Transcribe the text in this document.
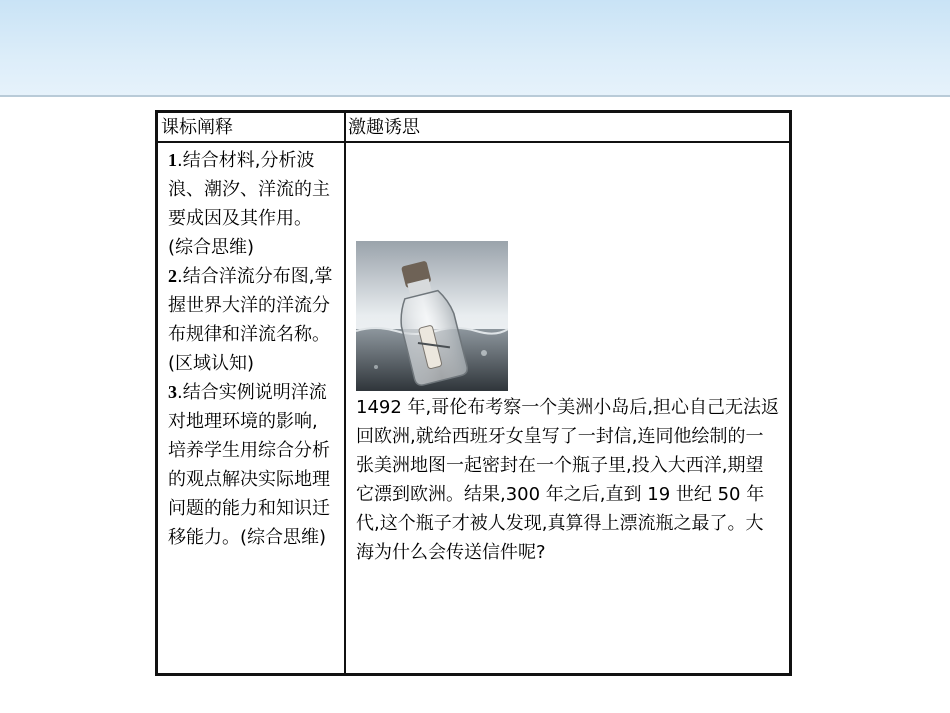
课标阐释	激趣诱思

1.结合材料,分析波浪、潮汐、洋流的主要成因及其作用。(综合思维)

2.结合洋流分布图,掌握世界大洋的洋流分布规律和洋流名称。(区域认知)

3.结合实例说明洋流对地理环境的影响,培养学生用综合分析的观点解决实际地理问题的能力和知识迁移能力。(综合思维)

1492 年,哥伦布考察一个美洲小岛后,担心自己无法返回欧洲,就给西班牙女皇写了一封信,连同他绘制的一张美洲地图一起密封在一个瓶子里,投入大西洋,期望它漂到欧洲。结果,300 年之后,直到 19 世纪 50 年代,这个瓶子才被人发现,真算得上漂流瓶之最了。大海为什么会传送信件呢?
